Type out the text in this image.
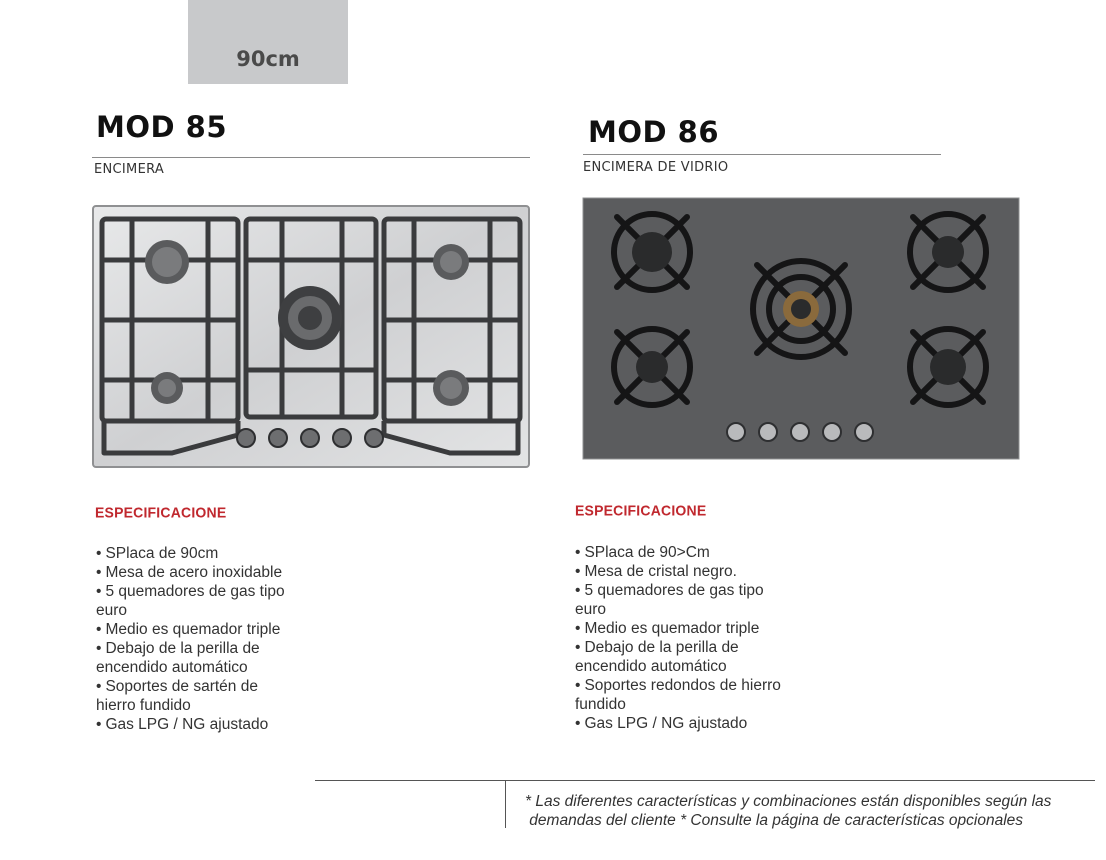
90cm
MOD 85
ENCIMERA
ESPECIFICACIONE
• SPlaca de 90cm
• Mesa de acero inoxidable
• 5 quemadores de gas tipo
euro
• Medio es quemador triple
• Debajo de la perilla de
encendido automático
• Soportes de sartén de
hierro fundido
• Gas LPG / NG ajustado
MOD 86
ENCIMERA DE VIDRIO
ESPECIFICACIONE
• SPlaca de 90>Cm
• Mesa de cristal negro.
• 5 quemadores de gas tipo
euro
• Medio es quemador triple
• Debajo de la perilla de
encendido automático
• Soportes redondos de hierro
fundido
• Gas LPG / NG ajustado
* Las diferentes características y combinaciones están disponibles según las
demandas del cliente * Consulte la página de características opcionales
